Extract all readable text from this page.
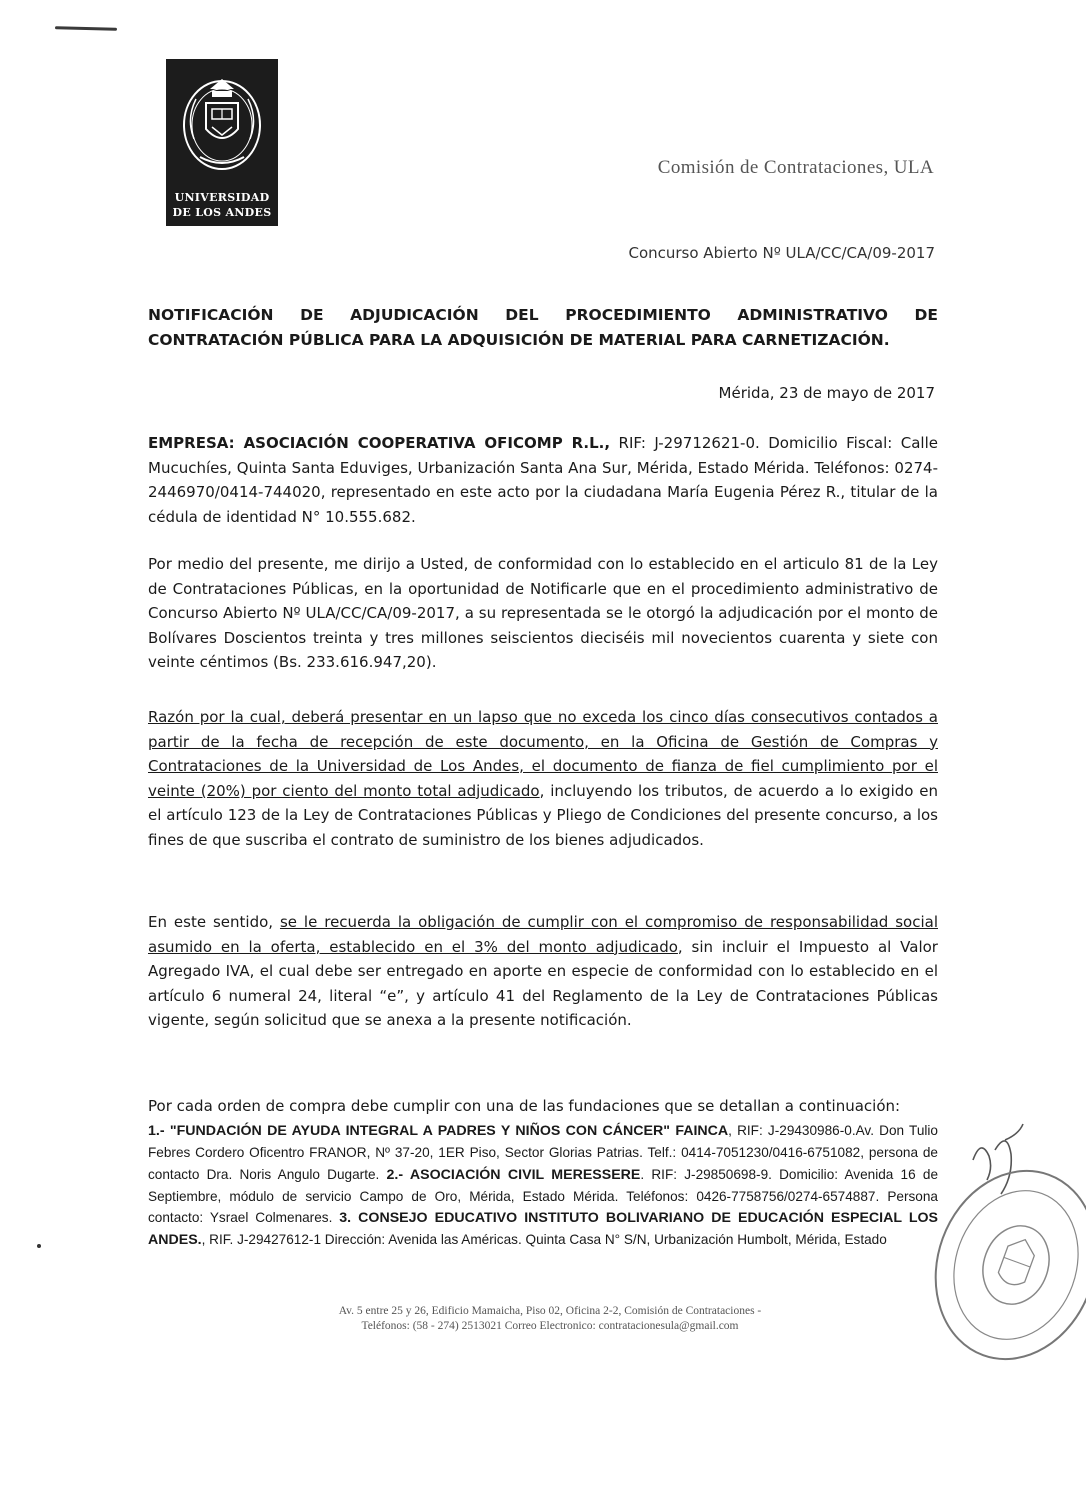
UNIVERSIDAD
DE LOS ANDES
Comisión de Contrataciones, ULA
Concurso Abierto Nº ULA/CC/CA/09-2017
NOTIFICACIÓN DE ADJUDICACIÓN DEL PROCEDIMIENTO ADMINISTRATIVO DE CONTRATACIÓN PÚBLICA PARA LA ADQUISICIÓN DE MATERIAL PARA CARNETIZACIÓN.
Mérida, 23 de mayo de 2017
EMPRESA: ASOCIACIÓN COOPERATIVA OFICOMP R.L., RIF: J-29712621-0. Domicilio Fiscal: Calle Mucuchíes, Quinta Santa Eduviges, Urbanización Santa Ana Sur, Mérida, Estado Mérida. Teléfonos: 0274-2446970/0414-744020, representado en este acto por la ciudadana María Eugenia Pérez R., titular de la cédula de identidad N° 10.555.682.
Por medio del presente, me dirijo a Usted, de conformidad con lo establecido en el articulo 81 de la Ley de Contrataciones Públicas, en la oportunidad de Notificarle que en el procedimiento administrativo de Concurso Abierto Nº ULA/CC/CA/09-2017, a su representada se le otorgó la adjudicación por el monto de Bolívares Doscientos treinta y tres millones seiscientos dieciséis mil novecientos cuarenta y siete con veinte céntimos (Bs. 233.616.947,20).
Razón por la cual, deberá presentar en un lapso que no exceda los cinco días consecutivos contados a partir de la fecha de recepción de este documento, en la Oficina de Gestión de Compras y Contrataciones de la Universidad de Los Andes, el documento de fianza de fiel cumplimiento por el veinte (20%) por ciento del monto total adjudicado, incluyendo los tributos, de acuerdo a lo exigido en el artículo 123 de la Ley de Contrataciones Públicas y Pliego de Condiciones del presente concurso, a los fines de que suscriba el contrato de suministro de los bienes adjudicados.
En este sentido, se le recuerda la obligación de cumplir con el compromiso de responsabilidad social asumido en la oferta, establecido en el 3% del monto adjudicado, sin incluir el Impuesto al Valor Agregado IVA, el cual debe ser entregado en aporte en especie de conformidad con lo establecido en el artículo 6 numeral 24, literal “e”, y artículo 41 del Reglamento de la Ley de Contrataciones Públicas vigente, según solicitud que se anexa a la presente notificación.
Por cada orden de compra debe cumplir con una de las fundaciones que se detallan a continuación:
1.- "FUNDACIÓN DE AYUDA INTEGRAL A PADRES Y NIÑOS CON CÁNCER" FAINCA, RIF: J-29430986-0.Av. Don Tulio Febres Cordero Oficentro FRANOR, Nº 37-20, 1ER Piso, Sector Glorias Patrias. Telf.: 0414-7051230/0416-6751082, persona de contacto Dra. Noris Angulo Dugarte. 2.- ASOCIACIÓN CIVIL MERESSERE. RIF: J-29850698-9. Domicilio: Avenida 16 de Septiembre, módulo de servicio Campo de Oro, Mérida, Estado Mérida. Teléfonos: 0426-7758756/0274-6574887. Persona contacto: Ysrael Colmenares. 3. CONSEJO EDUCATIVO INSTITUTO BOLIVARIANO DE EDUCACIÓN ESPECIAL LOS ANDES., RIF. J-29427612-1 Dirección: Avenida las Américas. Quinta Casa N° S/N, Urbanización Humbolt, Mérida, Estado
Av. 5 entre 25 y 26, Edificio Mamaicha, Piso 02, Oficina 2-2, Comisión de Contrataciones -
Teléfonos: (58 - 274) 2513021 Correo Electronico: contratacionesula@gmail.com
